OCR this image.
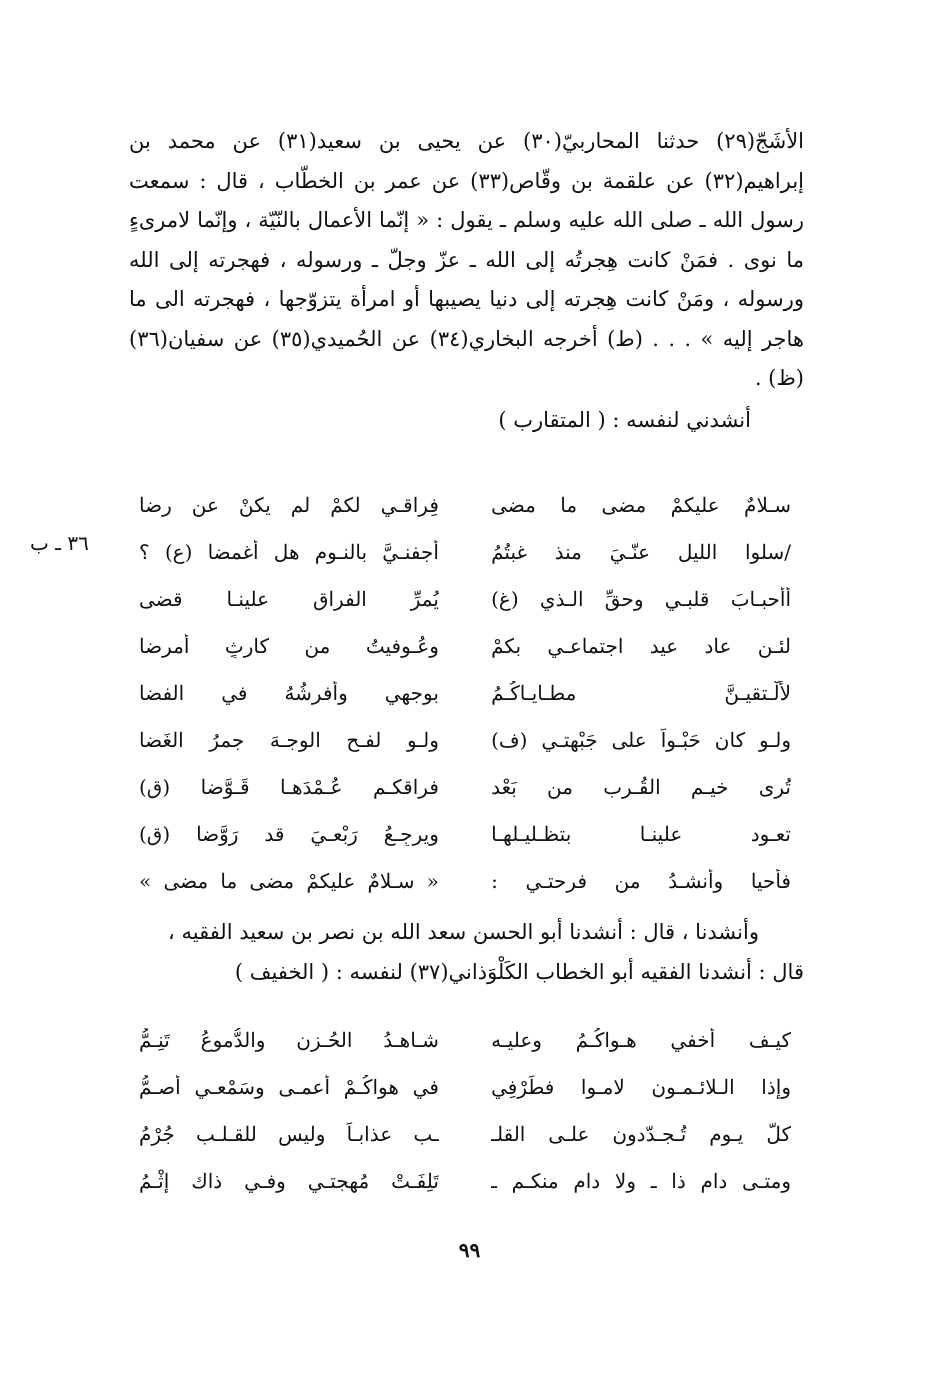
الأشَجّ(٢٩) حدثنا المحاربيّ(٣٠) عن يحيى بن سعيد(٣١) عن محمد بن إبراهيم(٣٢) عن علقمة بن وقّاص(٣٣) عن عمر بن الخطّاب ، قال : سمعت رسول الله ـ صلى الله عليه وسلم ـ يقول : « إنّما الأعمال بالنّيّة ، وإنّما لامرىءٍ ما نوى . فمَنْ كانت هِجرتُه إلى الله ـ عزّ وجلّ ـ ورسوله ، فهجرته إلى الله ورسوله ، ومَنْ كانت هِجرته إلى دنيا يصيبها أو امرأة يتزوّجها ، فهجرته الى ما هاجر إليه » . . . (ط) أخرجه البخاري(٣٤) عن الحُميدي(٣٥) عن سفيان(٣٦) (ظ) .

أنشدني لنفسه : ( المتقارب )
٣٦ ـ ب
سـلامٌ عليكمْ مضى ما مضى
فِراقـي لكمْ لم يكنْ عن رِضا
/سلوا الليل عنّـيَ منذ غبتُمُ
أجفنـيَّ بالنـوم هل أغمضا (ع) ؟
أأحبـابَ قلبـي وحقِّ الـذي (غ)
يُمرِّ الفراق علينـا قضى
لئـن عاد عيد اجتماعـي بكمْ
وعُـوفيتُ من كارثٍ أمرضا
لأُلْـتقيـنَّ مطـايـاكُـمُ
بوجهي وأفرشُهُ في الفضا
ولـو كان حَبْـواً على جَبْهتـي (ف)
ولـو لفـح الوجـهَ جمرُ الغَضا
تُرى خيـم القُـرب من بَعْد
فراقكـم عُـمْدَهـا قَـوَّضا (ق)
تعـود علينـا بتظـليـلهـا
ويرجِـعُ رَبْعـيَ قد رَوَّضا (ق)
فأحيا وأنشـدُ من فرحتـي :
« سـلامٌ عليكمْ مضى ما مضى »

وأنشدنا ، قال : أنشدنا أبو الحسن سعد الله بن نصر بن سعيد الفقيه ،

قال : أنشدنا الفقيه أبو الخطاب الكَلْوَذاني(٣٧) لنفسه : ( الخفيف )

كيـف أخفي هـواكُـمُ وعليـه
شـاهـدُ الحُـزن والدُّموعُ تَنِـمُّ
وإذا الـلائـمـون لامـوا فطَرْفِي
في هواكُـمْ أعمـى وسَمْعـي أصـمُّ
كلَّ يـوم تُـجـدّدون علـى القلـ
ـب عذابـاً وليس للقـلـب جُرْمُ
ومتـى دام ذا ـ ولا دام منكـم ـ
تَلِفَـتْ مُهجتـي وفـي ذاك إثْـمُ
٩٩
